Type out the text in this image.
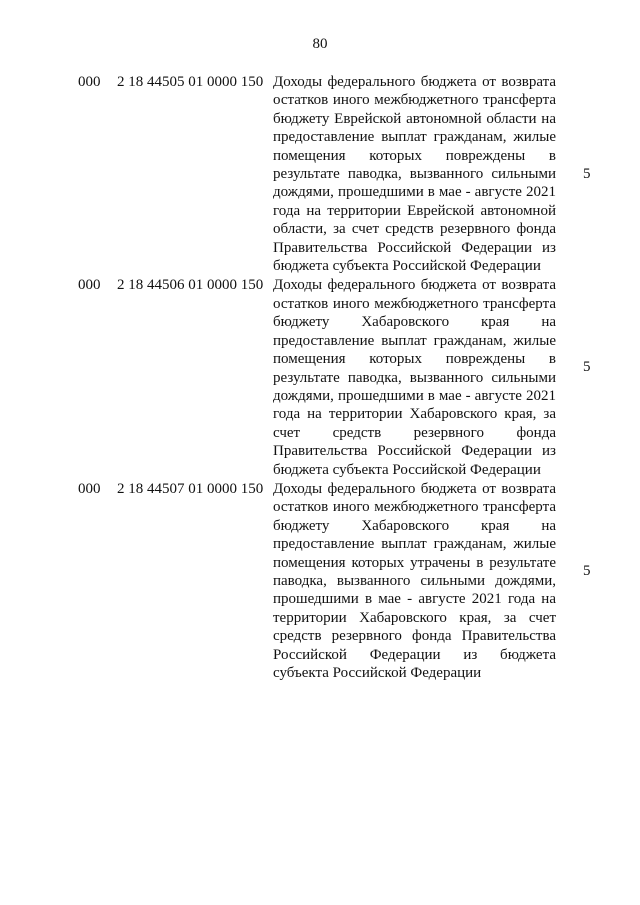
80
000 2 18 44505 01 0000 150 Доходы федерального бюджета от возврата остатков иного межбюджетного трансферта бюджету Еврейской автономной области на предоставление выплат гражданам, жилые помещения которых повреждены в результате паводка, вызванного сильными дождями, прошедшими в мае - августе 2021 года на территории Еврейской автономной области, за счет средств резервного фонда Правительства Российской Федерации из бюджета субъекта Российской Федерации
5
000 2 18 44506 01 0000 150 Доходы федерального бюджета от возврата остатков иного межбюджетного трансферта бюджету Хабаровского края на предоставление выплат гражданам, жилые помещения которых повреждены в результате паводка, вызванного сильными дождями, прошедшими в мае - августе 2021 года на территории Хабаровского края, за счет средств резервного фонда Правительства Российской Федерации из бюджета субъекта Российской Федерации
5
000 2 18 44507 01 0000 150 Доходы федерального бюджета от возврата остатков иного межбюджетного трансферта бюджету Хабаровского края на предоставление выплат гражданам, жилые помещения которых утрачены в результате паводка, вызванного сильными дождями, прошедшими в мае - августе 2021 года на территории Хабаровского края, за счет средств резервного фонда Правительства Российской Федерации из бюджета субъекта Российской Федерации
5
